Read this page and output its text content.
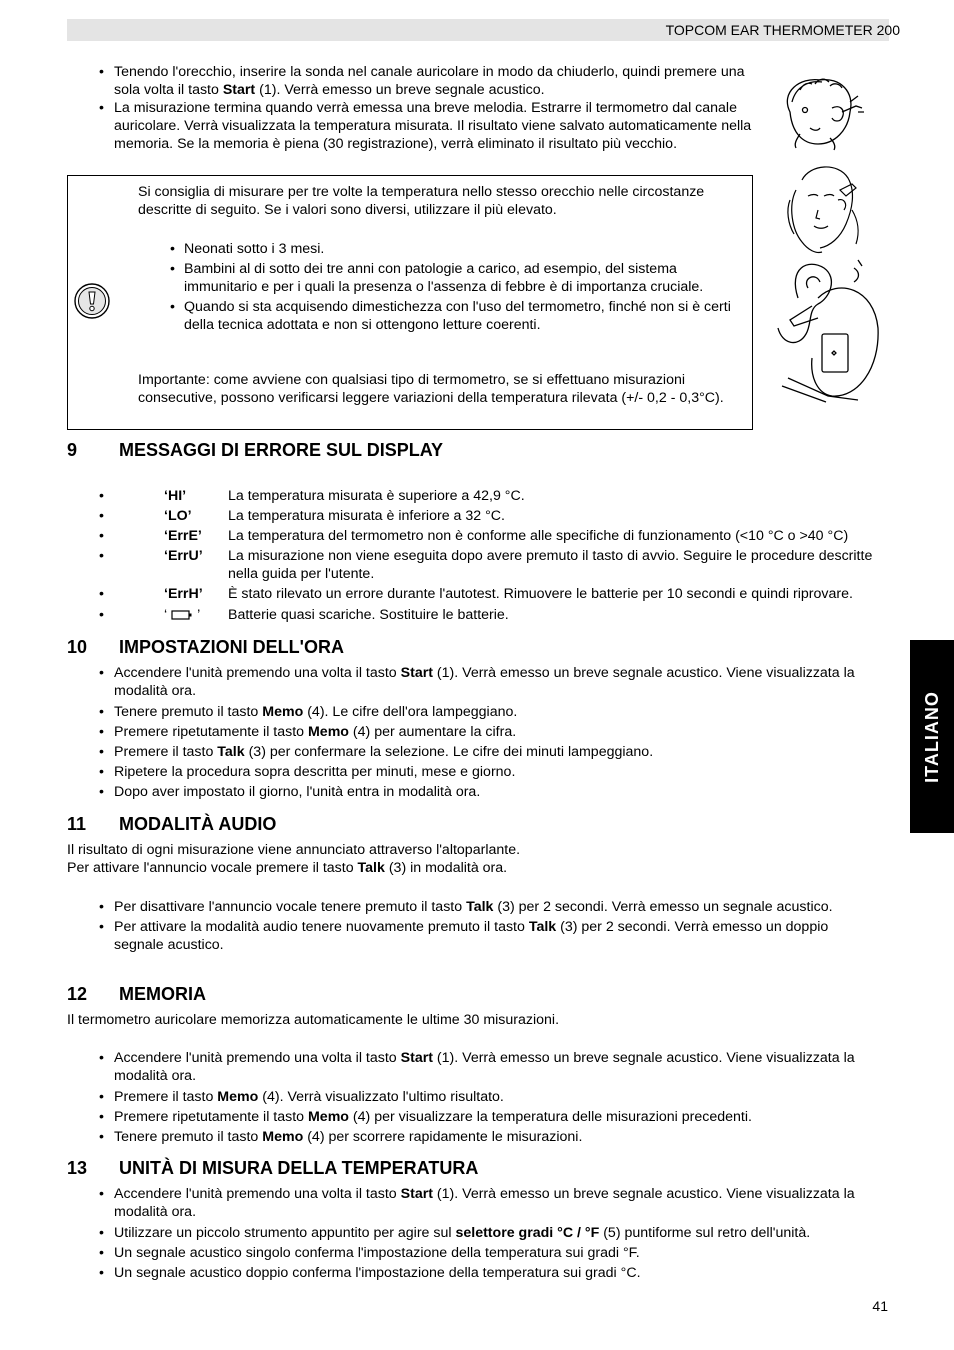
TOPCOM EAR THERMOMETER 200
ITALIANO
• Tenendo l'orecchio, inserire la sonda nel canale auricolare in modo da chiuderlo, quindi premere una sola volta il tasto Start (1). Verrà emesso un breve segnale acustico.
• La misurazione termina quando verrà emessa una breve melodia. Estrarre il termometro dal canale auricolare. Verrà visualizzata la temperatura misurata. Il risultato viene salvato automaticamente nella memoria. Se la memoria è piena (30 registrazione), verrà eliminato il risultato più vecchio.

Si consiglia di misurare per tre volte la temperatura nello stesso orecchio nelle circostanze descritte di seguito. Se i valori sono diversi, utilizzare il più elevato.

• Neonati sotto i 3 mesi.
• Bambini al di sotto dei tre anni con patologie a carico, ad esempio, del sistema immunitario e per i quali la presenza o l'assenza di febbre è di importanza cruciale.
• Quando si sta acquisendo dimestichezza con l'uso del termometro, finché non si è certi della tecnica adottata e non si ottengono letture coerenti.

Importante: come avviene con qualsiasi tipo di termometro, se si effettuano misurazioni consecutive, possono verificarsi leggere variazioni della temperatura rilevata (+/- 0,2 - 0,3°C).

9 MESSAGGI DI ERRORE SUL DISPLAY
•	‘HI’	La temperatura misurata è superiore a 42,9 °C.
•	‘LO’	La temperatura misurata è inferiore a 32 °C.
•	‘ErrE’	La temperatura del termometro non è conforme alle specifiche di funzionamento (<10 °C o >40 °C)
•	‘ErrU’	La misurazione non viene eseguita dopo avere premuto il tasto di avvio. Seguire le procedure descritte nella guida per l'utente.
•	‘ErrH’	È stato rilevato un errore durante l'autotest. Rimuovere le batterie per 10 secondi e quindi riprovare.
•	‘ ’	Batterie quasi scariche. Sostituire le batterie.
10 IMPOSTAZIONI DELL'ORA
• Accendere l'unità premendo una volta il tasto Start (1). Verrà emesso un breve segnale acustico. Viene visualizzata la modalità ora.
• Tenere premuto il tasto Memo (4). Le cifre dell'ora lampeggiano.
• Premere ripetutamente il tasto Memo (4) per aumentare la cifra.
• Premere il tasto Talk (3) per confermare la selezione. Le cifre dei minuti lampeggiano.
• Ripetere la procedura sopra descritta per minuti, mese e giorno.
• Dopo aver impostato il giorno, l'unità entra in modalità ora.
11 MODALITÀ AUDIO
Il risultato di ogni misurazione viene annunciato attraverso l'altoparlante.
Per attivare l'annuncio vocale premere il tasto Talk (3) in modalità ora.
• Per disattivare l'annuncio vocale tenere premuto il tasto Talk (3) per 2 secondi. Verrà emesso un segnale acustico.
• Per attivare la modalità audio tenere nuovamente premuto il tasto Talk (3) per 2 secondi. Verrà emesso un doppio segnale acustico.
12 MEMORIA
Il termometro auricolare memorizza automaticamente le ultime 30 misurazioni.
• Accendere l'unità premendo una volta il tasto Start (1). Verrà emesso un breve segnale acustico. Viene visualizzata la modalità ora.
• Premere il tasto Memo (4). Verrà visualizzato l'ultimo risultato.
• Premere ripetutamente il tasto Memo (4) per visualizzare la temperatura delle misurazioni precedenti.
• Tenere premuto il tasto Memo (4) per scorrere rapidamente le misurazioni.
13 UNITÀ DI MISURA DELLA TEMPERATURA
• Accendere l'unità premendo una volta il tasto Start (1). Verrà emesso un breve segnale acustico. Viene visualizzata la modalità ora.
• Utilizzare un piccolo strumento appuntito per agire sul selettore gradi °C / °F (5) puntiforme sul retro dell'unità.
• Un segnale acustico singolo conferma l'impostazione della temperatura sui gradi °F.
• Un segnale acustico doppio conferma l'impostazione della temperatura sui gradi °C.
41
